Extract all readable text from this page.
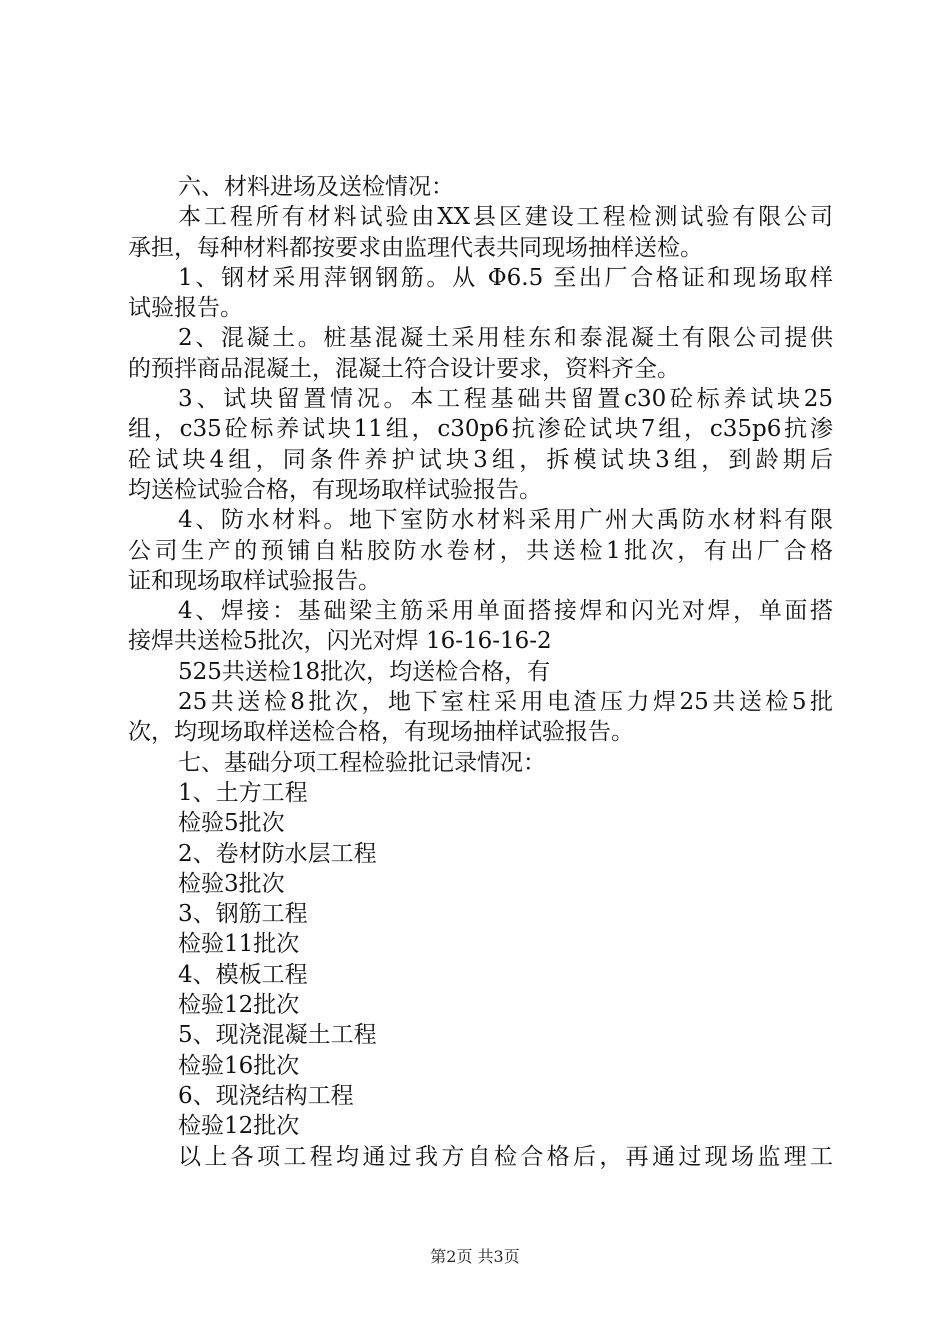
六、材料进场及送检情况：
本工程所有材料试验由XX县区建设工程检测试验有限公司
承担，每种材料都按要求由监理代表共同现场抽样送检。
1、钢材采用萍钢钢筋。从 Φ6.5 至出厂合格证和现场取样
试验报告。
2、混凝土。桩基混凝土采用桂东和泰混凝土有限公司提供
的预拌商品混凝土，混凝土符合设计要求，资料齐全。
3、试块留置情况。本工程基础共留置c30砼标养试块25
组，c35砼标养试块11组，c30p6抗渗砼试块7组，c35p6抗渗
砼试块4组，同条件养护试块3组，拆模试块3组，到龄期后
均送检试验合格，有现场取样试验报告。
4、防水材料。地下室防水材料采用广州大禹防水材料有限
公司生产的预铺自粘胶防水卷材，共送检1批次，有出厂合格
证和现场取样试验报告。
4、焊接：基础梁主筋采用单面搭接焊和闪光对焊，单面搭
接焊共送检5批次，闪光对焊 16-16-16-2
525共送检18批次，均送检合格，有
25共送检8批次，地下室柱采用电渣压力焊25共送检5批
次，均现场取样送检合格，有现场抽样试验报告。
七、基础分项工程检验批记录情况：
1、土方工程
检验5批次
2、卷材防水层工程
检验3批次
3、钢筋工程
检验11批次
4、模板工程
检验12批次
5、现浇混凝土工程
检验16批次
6、现浇结构工程
检验12批次
以上各项工程均通过我方自检合格后，再通过现场监理工
第2页 共3页
